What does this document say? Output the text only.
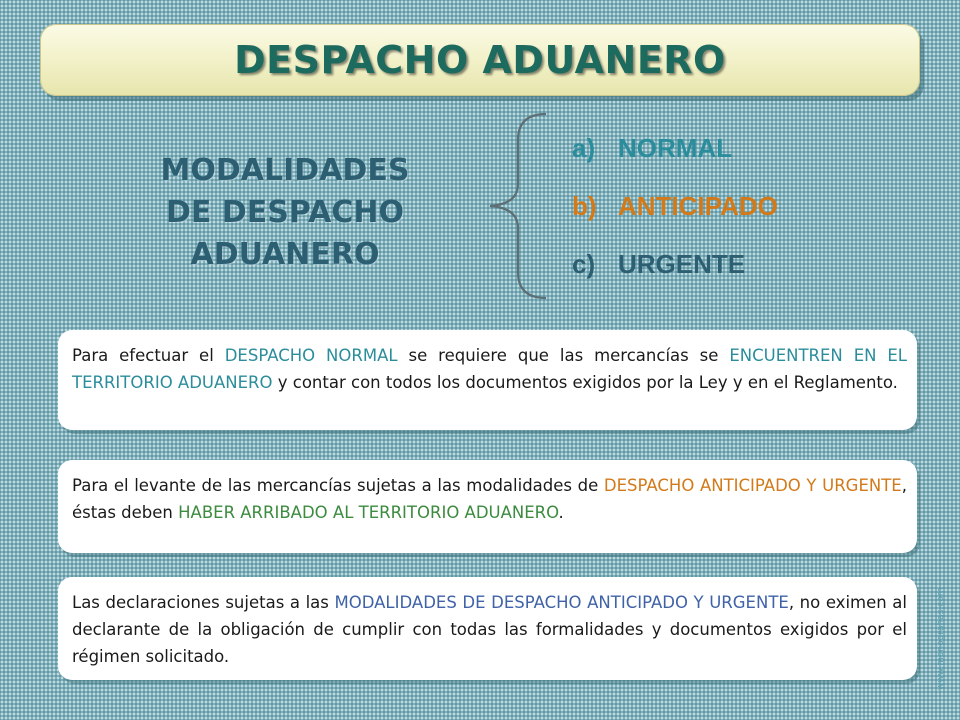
DESPACHO ADUANERO
MODALIDADES
DE DESPACHO
ADUANERO
a) NORMAL
b) ANTICIPADO
c) URGENTE
Para efectuar el DESPACHO NORMAL se requiere que las mercancías se ENCUENTREN EN EL TERRITORIO ADUANERO y contar con todos los documentos exigidos por la Ley y en el Reglamento.
Para el levante de las mercancías sujetas a las modalidades de DESPACHO ANTICIPADO Y URGENTE, éstas deben HABER ARRIBADO AL TERRITORIO ADUANERO.
Las declaraciones sujetas a las MODALIDADES DE DESPACHO ANTICIPADO Y URGENTE, no eximen al declarante de la obligación de cumplir con todas las formalidades y documentos exigidos por el régimen solicitado.	www.monografias.com
